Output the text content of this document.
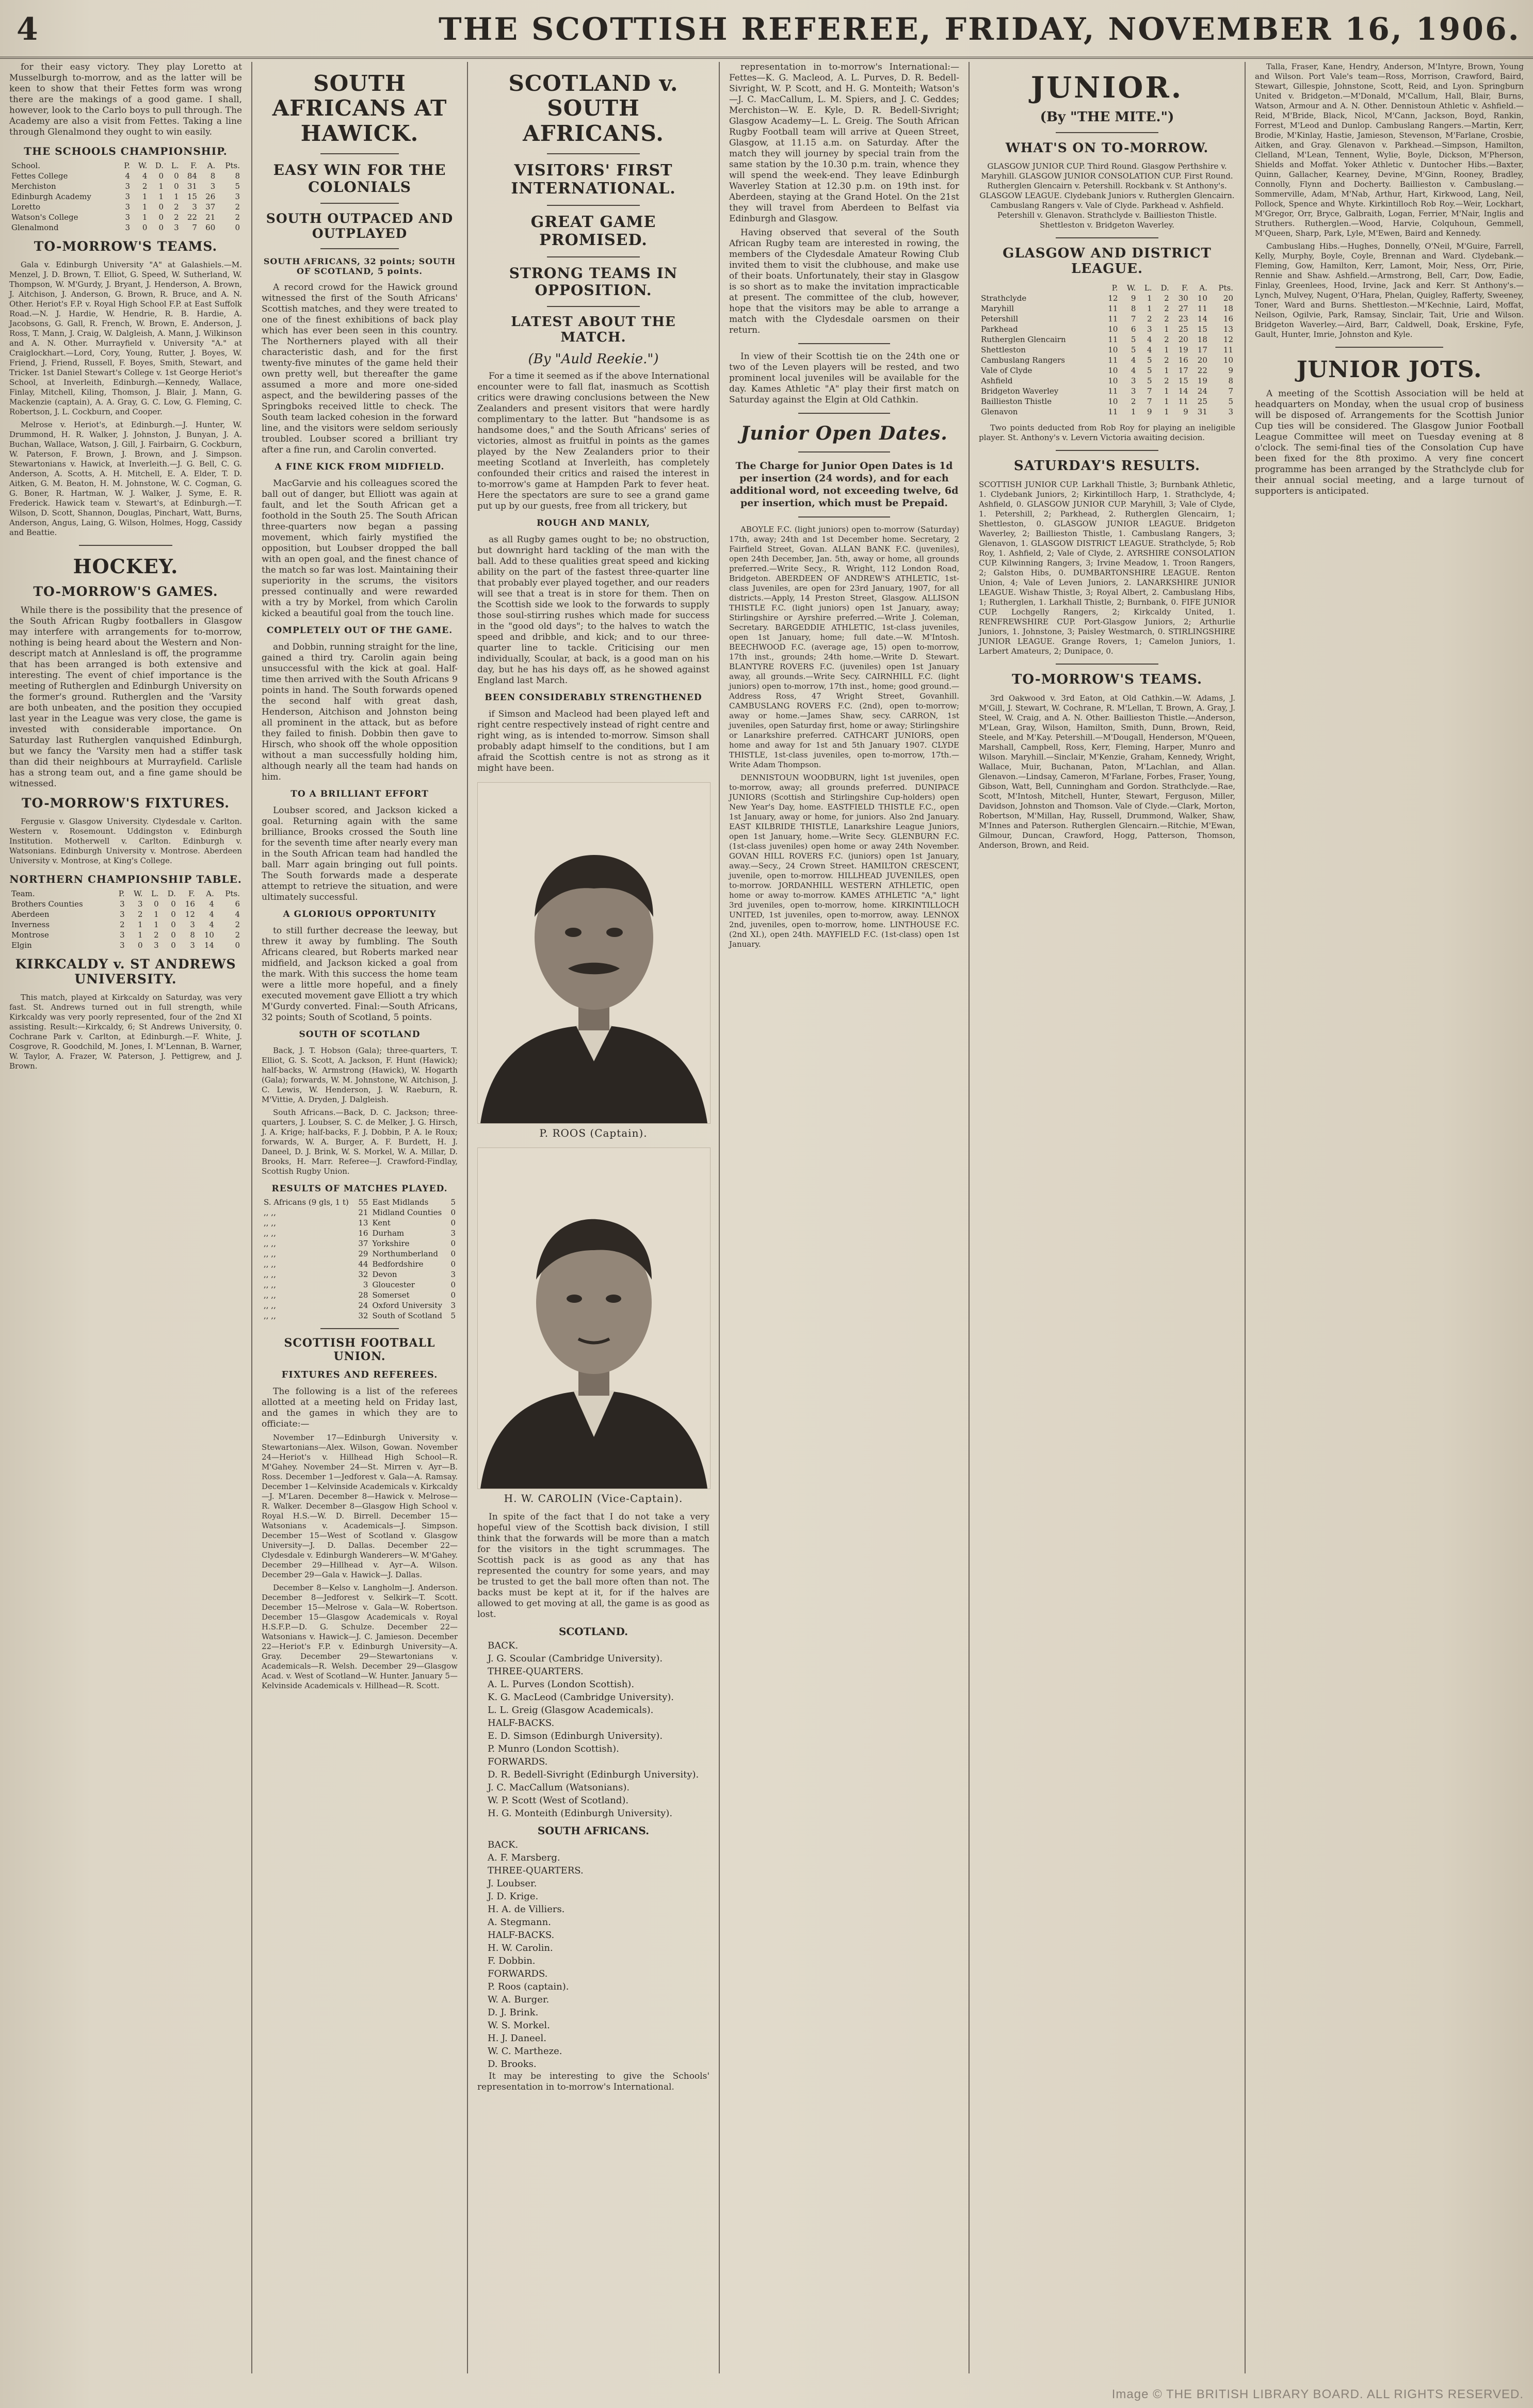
4	THE SCOTTISH REFEREE, FRIDAY, NOVEMBER 16, 1906.

for their easy victory. They play Loretto at Musselburgh to-morrow, and as the latter will be keen to show that their Fettes form was wrong there are the makings of a good game. I shall, however, look to the Carlo boys to pull through. The Academy are also a visit from Fettes. Taking a line through Glenalmond they ought to win easily.

THE SCHOOLS CHAMPIONSHIP.
School.	P.	W.	D.	L.	F.	A.	Pts.
Fettes College	4	4	0	0	84	8	8
Merchiston	3	2	1	0	31	3	5
Edinburgh Academy	3	1	1	1	15	26	3
Loretto	3	1	0	2	3	37	2
Watson's College	3	1	0	2	22	21	2
Glenalmond	3	0	0	3	7	60	0
TO-MORROW'S TEAMS.

Gala v. Edinburgh University "A" at Galashiels.—M. Menzel, J. D. Brown, T. Elliot, G. Speed, W. Sutherland, W. Thompson, W. M'Gurdy, J. Bryant, J. Henderson, A. Brown, J. Aitchison, J. Anderson, G. Brown, R. Bruce, and A. N. Other. Heriot's F.P. v. Royal High School F.P. at East Suffolk Road.—N. J. Hardie, W. Hendrie, R. B. Hardie, A. Jacobsons, G. Gall, R. French, W. Brown, E. Anderson, J. Ross, T. Mann, J. Craig, W. Dalgleish, A. Mann, J. Wilkinson and A. N. Other. Murrayfield v. University "A." at Craiglockhart.—Lord, Cory, Young, Rutter, J. Boyes, W. Friend, J. Friend, Russell, F. Boyes, Smith, Stewart, and Tricker. 1st Daniel Stewart's College v. 1st George Heriot's School, at Inverleith, Edinburgh.—Kennedy, Wallace, Finlay, Mitchell, Kiling, Thomson, J. Blair, J. Mann, G. Mackenzie (captain), A. A. Gray, G. C. Low, G. Fleming, C. Robertson, J. L. Cockburn, and Cooper.

Melrose v. Heriot's, at Edinburgh.—J. Hunter, W. Drummond, H. R. Walker, J. Johnston, J. Bunyan, J. A. Buchan, Wallace, Watson, J. Gill, J. Fairbairn, G. Cockburn, W. Paterson, F. Brown, J. Brown, and J. Simpson. Stewartonians v. Hawick, at Inverleith.—J. G. Bell, C. G. Anderson, A. Scotts, A. H. Mitchell, E. A. Elder, T. D. Aitken, G. M. Beaton, H. M. Johnstone, W. C. Cogman, G. G. Boner, R. Hartman, W. J. Walker, J. Syme, E. R. Frederick. Hawick team v. Stewart's, at Edinburgh.—T. Wilson, D. Scott, Shannon, Douglas, Pinchart, Watt, Burns, Anderson, Angus, Laing, G. Wilson, Holmes, Hogg, Cassidy and Beattie.

HOCKEY.
TO-MORROW'S GAMES.

While there is the possibility that the presence of the South African Rugby footballers in Glasgow may interfere with arrangements for to-morrow, nothing is being heard about the Western and Non-descript match at Annlesland is off, the programme that has been arranged is both extensive and interesting. The event of chief importance is the meeting of Rutherglen and Edinburgh University on the former's ground. Rutherglen and the 'Varsity are both unbeaten, and the position they occupied last year in the League was very close, the game is invested with considerable importance. On Saturday last Rutherglen vanquished Edinburgh, but we fancy the 'Varsity men had a stiffer task than did their neighbours at Murrayfield. Carlisle has a strong team out, and a fine game should be witnessed.

TO-MORROW'S FIXTURES.

Fergusie v. Glasgow University. Clydesdale v. Carlton. Western v. Rosemount. Uddingston v. Edinburgh Institution. Motherwell v. Carlton. Edinburgh v. Watsonians. Edinburgh University v. Montrose. Aberdeen University v. Montrose, at King's College.

NORTHERN CHAMPIONSHIP TABLE.
Team.	P.	W.	L.	D.	F.	A.	Pts.
Brothers Counties	3	3	0	0	16	4	6
Aberdeen	3	2	1	0	12	4	4
Inverness	2	1	1	0	3	4	2
Montrose	3	1	2	0	8	10	2
Elgin	3	0	3	0	3	14	0
KIRKCALDY v. ST ANDREWS UNIVERSITY.

This match, played at Kirkcaldy on Saturday, was very fast. St. Andrews turned out in full strength, while Kirkcaldy was very poorly represented, four of the 2nd XI assisting. Result:—Kirkcaldy, 6; St Andrews University, 0. Cochrane Park v. Carlton, at Edinburgh.—F. White, J. Cosgrove, R. Goodchild, M. Jones, I. M'Lennan, B. Warner, W. Taylor, A. Frazer, W. Paterson, J. Pettigrew, and J. Brown.

SOUTH AFRICANS AT HAWICK.
EASY WIN FOR THE COLONIALS
SOUTH OUTPACED AND OUTPLAYED
SOUTH AFRICANS, 32 points; SOUTH OF SCOTLAND, 5 points.

A record crowd for the Hawick ground witnessed the first of the South Africans' Scottish matches, and they were treated to one of the finest exhibitions of back play which has ever been seen in this country. The Northerners played with all their characteristic dash, and for the first twenty-five minutes of the game held their own pretty well, but thereafter the game assumed a more and more one-sided aspect, and the bewildering passes of the Springboks received little to check. The South team lacked cohesion in the forward line, and the visitors were seldom seriously troubled. Loubser scored a brilliant try after a fine run, and Carolin converted.

A FINE KICK FROM MIDFIELD.

MacGarvie and his colleagues scored the ball out of danger, but Elliott was again at fault, and let the South African get a foothold in the South 25. The South African three-quarters now began a passing movement, which fairly mystified the opposition, but Loubser dropped the ball with an open goal, and the finest chance of the match so far was lost. Maintaining their superiority in the scrums, the visitors pressed continually and were rewarded with a try by Morkel, from which Carolin kicked a beautiful goal from the touch line.

COMPLETELY OUT OF THE GAME.

and Dobbin, running straight for the line, gained a third try. Carolin again being unsuccessful with the kick at goal. Half-time then arrived with the South Africans 9 points in hand. The South forwards opened the second half with great dash, Henderson, Aitchison and Johnston being all prominent in the attack, but as before they failed to finish. Dobbin then gave to Hirsch, who shook off the whole opposition without a man successfully holding him, although nearly all the team had hands on him.

TO A BRILLIANT EFFORT

Loubser scored, and Jackson kicked a goal. Returning again with the same brilliance, Brooks crossed the South line for the seventh time after nearly every man in the South African team had handled the ball. Marr again bringing out full points. The South forwards made a desperate attempt to retrieve the situation, and were ultimately successful.

A GLORIOUS OPPORTUNITY

to still further decrease the leeway, but threw it away by fumbling. The South Africans cleared, but Roberts marked near midfield, and Jackson kicked a goal from the mark. With this success the home team were a little more hopeful, and a finely executed movement gave Elliott a try which M'Gurdy converted. Final:—South Africans, 32 points; South of Scotland, 5 points.

SOUTH OF SCOTLAND

Back, J. T. Hobson (Gala); three-quarters, T. Elliot, G. S. Scott, A. Jackson, F. Hunt (Hawick); half-backs, W. Armstrong (Hawick), W. Hogarth (Gala); forwards, W. M. Johnstone, W. Aitchison, J. C. Lewis, W. Henderson, J. W. Raeburn, R. M'Vittie, A. Dryden, J. Dalgleish.

South Africans.—Back, D. C. Jackson; three-quarters, J. Loubser, S. C. de Melker, J. G. Hirsch, J. A. Krige; half-backs, F. J. Dobbin, P. A. le Roux; forwards, W. A. Burger, A. F. Burdett, H. J. Daneel, D. J. Brink, W. S. Morkel, W. A. Millar, D. Brooks, H. Marr. Referee—J. Crawford-Findlay, Scottish Rugby Union.

RESULTS OF MATCHES PLAYED.
S. Africans (9 gls, 1 t)	55	East Midlands	5
,, ,,	21	Midland Counties	0
,, ,,	13	Kent	0
,, ,,	16	Durham	3
,, ,,	37	Yorkshire	0
,, ,,	29	Northumberland	0
,, ,,	44	Bedfordshire	0
,, ,,	32	Devon	3
,, ,,	3	Gloucester	0
,, ,,	28	Somerset	0
,, ,,	24	Oxford University	3
,, ,,	32	South of Scotland	5
SCOTTISH FOOTBALL UNION.
FIXTURES AND REFEREES.

The following is a list of the referees allotted at a meeting held on Friday last, and the games in which they are to officiate:—

November 17—Edinburgh University v. Stewartonians—Alex. Wilson, Gowan. November 24—Heriot's v. Hillhead High School—R. M'Gahey. November 24—St. Mirren v. Ayr—B. Ross. December 1—Jedforest v. Gala—A. Ramsay. December 1—Kelvinside Academicals v. Kirkcaldy—J. M'Laren. December 8—Hawick v. Melrose—R. Walker. December 8—Glasgow High School v. Royal H.S.—W. D. Birrell. December 15—Watsonians v. Academicals—J. Simpson. December 15—West of Scotland v. Glasgow University—J. D. Dallas. December 22—Clydesdale v. Edinburgh Wanderers—W. M'Gahey. December 29—Hillhead v. Ayr—A. Wilson. December 29—Gala v. Hawick—J. Dallas.

December 8—Kelso v. Langholm—J. Anderson. December 8—Jedforest v. Selkirk—T. Scott. December 15—Melrose v. Gala—W. Robertson. December 15—Glasgow Academicals v. Royal H.S.F.P.—D. G. Schulze. December 22—Watsonians v. Hawick—J. C. Jamieson. December 22—Heriot's F.P. v. Edinburgh University—A. Gray. December 29—Stewartonians v. Academicals—R. Welsh. December 29—Glasgow Acad. v. West of Scotland—W. Hunter. January 5—Kelvinside Academicals v. Hillhead—R. Scott.

SCOTLAND v. SOUTH AFRICANS.
VISITORS' FIRST INTERNATIONAL.
GREAT GAME PROMISED.
STRONG TEAMS IN OPPOSITION.
LATEST ABOUT THE MATCH.
(By "Auld Reekie.")

For a time it seemed as if the above International encounter were to fall flat, inasmuch as Scottish critics were drawing conclusions between the New Zealanders and present visitors that were hardly complimentary to the latter. But "handsome is as handsome does," and the South Africans' series of victories, almost as fruitful in points as the games played by the New Zealanders prior to their meeting Scotland at Inverleith, has completely confounded their critics and raised the interest in to-morrow's game at Hampden Park to fever heat. Here the spectators are sure to see a grand game put up by our guests, free from all trickery, but

ROUGH AND MANLY,

as all Rugby games ought to be; no obstruction, but downright hard tackling of the man with the ball. Add to these qualities great speed and kicking ability on the part of the fastest three-quarter line that probably ever played together, and our readers will see that a treat is in store for them. Then on the Scottish side we look to the forwards to supply those soul-stirring rushes which made for success in the "good old days"; to the halves to watch the speed and dribble, and kick; and to our three-quarter line to tackle. Criticising our men individually, Scoular, at back, is a good man on his day, but he has his days off, as he showed against England last March.

BEEN CONSIDERABLY STRENGTHENED

if Simson and Macleod had been played left and right centre respectively instead of right centre and right wing, as is intended to-morrow. Simson shall probably adapt himself to the conditions, but I am afraid the Scottish centre is not as strong as it might have been.

P. ROOS (Captain).
H. W. CAROLIN (Vice-Captain).

In spite of the fact that I do not take a very hopeful view of the Scottish back division, I still think that the forwards will be more than a match for the visitors in the tight scrummages. The Scottish pack is as good as any that has represented the country for some years, and may be trusted to get the ball more often than not. The backs must be kept at it, for if the halves are allowed to get moving at all, the game is as good as lost.

SCOTLAND.
BACK.
J. G. Scoular (Cambridge University).
THREE-QUARTERS.
A. L. Purves (London Scottish).
K. G. MacLeod (Cambridge University).
L. L. Greig (Glasgow Academicals).
HALF-BACKS.
E. D. Simson (Edinburgh University).
P. Munro (London Scottish).
FORWARDS.
D. R. Bedell-Sivright (Edinburgh University).
J. C. MacCallum (Watsonians).
W. P. Scott (West of Scotland).
H. G. Monteith (Edinburgh University).
SOUTH AFRICANS.
BACK.
A. F. Marsberg.
THREE-QUARTERS.
J. Loubser.
J. D. Krige.
H. A. de Villiers.
A. Stegmann.
HALF-BACKS.
H. W. Carolin.
F. Dobbin.
FORWARDS.
P. Roos (captain).
W. A. Burger.
D. J. Brink.
W. S. Morkel.
H. J. Daneel.
W. C. Martheze.
D. Brooks.

It may be interesting to give the Schools' representation in to-morrow's International.

representation in to-morrow's International:—Fettes—K. G. Macleod, A. L. Purves, D. R. Bedell-Sivright, W. P. Scott, and H. G. Monteith; Watson's—J. C. MacCallum, L. M. Spiers, and J. C. Geddes; Merchiston—W. E. Kyle, D. R. Bedell-Sivright; Glasgow Academy—L. L. Greig. The South African Rugby Football team will arrive at Queen Street, Glasgow, at 11.15 a.m. on Saturday. After the match they will journey by special train from the same station by the 10.30 p.m. train, whence they will spend the week-end. They leave Edinburgh Waverley Station at 12.30 p.m. on 19th inst. for Aberdeen, staying at the Grand Hotel. On the 21st they will travel from Aberdeen to Belfast via Edinburgh and Glasgow.

Having observed that several of the South African Rugby team are interested in rowing, the members of the Clydesdale Amateur Rowing Club invited them to visit the clubhouse, and make use of their boats. Unfortunately, their stay in Glasgow is so short as to make the invitation impracticable at present. The committee of the club, however, hope that the visitors may be able to arrange a match with the Clydesdale oarsmen on their return.

In view of their Scottish tie on the 24th one or two of the Leven players will be rested, and two prominent local juveniles will be available for the day. Kames Athletic "A" play their first match on Saturday against the Elgin at Old Cathkin.

Junior Open Dates.

The Charge for Junior Open Dates is 1d per insertion (24 words), and for each additional word, not exceeding twelve, 6d per insertion, which must be Prepaid.

ABOYLE F.C. (light juniors) open to-morrow (Saturday) 17th, away; 24th and 1st December home. Secretary, 2 Fairfield Street, Govan. ALLAN BANK F.C. (juveniles), open 24th December, Jan. 5th, away or home, all grounds preferred.—Write Secy., R. Wright, 112 London Road, Bridgeton. ABERDEEN OF ANDREW'S ATHLETIC, 1st-class Juveniles, are open for 23rd January, 1907, for all districts.—Apply, 14 Preston Street, Glasgow. ALLISON THISTLE F.C. (light juniors) open 1st January, away; Stirlingshire or Ayrshire preferred.—Write J. Coleman, Secretary. BARGEDDIE ATHLETIC, 1st-class juveniles, open 1st January, home; full date.—W. M'Intosh. BEECHWOOD F.C. (average age, 15) open to-morrow, 17th inst., grounds; 24th home.—Write D. Stewart. BLANTYRE ROVERS F.C. (juveniles) open 1st January away, all grounds.—Write Secy. CAIRNHILL F.C. (light juniors) open to-morrow, 17th inst., home; good ground.—Address Ross, 47 Wright Street, Govanhill. CAMBUSLANG ROVERS F.C. (2nd), open to-morrow; away or home.—James Shaw, secy. CARRON, 1st juveniles, open Saturday first, home or away; Stirlingshire or Lanarkshire preferred. CATHCART JUNIORS, open home and away for 1st and 5th January 1907. CLYDE THISTLE, 1st-class juveniles, open to-morrow, 17th.—Write Adam Thompson.

DENNISTOUN WOODBURN, light 1st juveniles, open to-morrow, away; all grounds preferred. DUNIPACE JUNIORS (Scottish and Stirlingshire Cup-holders) open New Year's Day, home. EASTFIELD THISTLE F.C., open 1st January, away or home, for juniors. Also 2nd January. EAST KILBRIDE THISTLE, Lanarkshire League Juniors, open 1st January, home.—Write Secy. GLENBURN F.C. (1st-class juveniles) open home or away 24th November. GOVAN HILL ROVERS F.C. (juniors) open 1st January, away.—Secy., 24 Crown Street. HAMILTON CRESCENT, juvenile, open to-morrow. HILLHEAD JUVENILES, open to-morrow. JORDANHILL WESTERN ATHLETIC, open home or away to-morrow. KAMES ATHLETIC "A," light 3rd juveniles, open to-morrow, home. KIRKINTILLOCH UNITED, 1st juveniles, open to-morrow, away. LENNOX 2nd, juveniles, open to-morrow, home. LINTHOUSE F.C. (2nd XI.), open 24th. MAYFIELD F.C. (1st-class) open 1st January.

JUNIOR.
(By "THE MITE.")
WHAT'S ON TO-MORROW.

GLASGOW JUNIOR CUP. Third Round. Glasgow Perthshire v. Maryhill. GLASGOW JUNIOR CONSOLATION CUP. First Round. Rutherglen Glencairn v. Petershill. Rockbank v. St Anthony's. GLASGOW LEAGUE. Clydebank Juniors v. Rutherglen Glencairn. Cambuslang Rangers v. Vale of Clyde. Parkhead v. Ashfield. Petershill v. Glenavon. Strathclyde v. Baillieston Thistle. Shettleston v. Bridgeton Waverley.

GLASGOW AND DISTRICT LEAGUE.
	P.	W.	L.	D.	F.	A.	Pts.
Strathclyde	12	9	1	2	30	10	20
Maryhill	11	8	1	2	27	11	18
Petershill	11	7	2	2	23	14	16
Parkhead	10	6	3	1	25	15	13
Rutherglen Glencairn	11	5	4	2	20	18	12
Shettleston	10	5	4	1	19	17	11
Cambuslang Rangers	11	4	5	2	16	20	10
Vale of Clyde	10	4	5	1	17	22	9
Ashfield	10	3	5	2	15	19	8
Bridgeton Waverley	11	3	7	1	14	24	7
Baillieston Thistle	10	2	7	1	11	25	5
Glenavon	11	1	9	1	9	31	3

Two points deducted from Rob Roy for playing an ineligible player. St. Anthony's v. Levern Victoria awaiting decision.

SATURDAY'S RESULTS.

SCOTTISH JUNIOR CUP. Larkhall Thistle, 3; Burnbank Athletic, 1. Clydebank Juniors, 2; Kirkintilloch Harp, 1. Strathclyde, 4; Ashfield, 0. GLASGOW JUNIOR CUP. Maryhill, 3; Vale of Clyde, 1. Petershill, 2; Parkhead, 2. Rutherglen Glencairn, 1; Shettleston, 0. GLASGOW JUNIOR LEAGUE. Bridgeton Waverley, 2; Baillieston Thistle, 1. Cambuslang Rangers, 3; Glenavon, 1. GLASGOW DISTRICT LEAGUE. Strathclyde, 5; Rob Roy, 1. Ashfield, 2; Vale of Clyde, 2. AYRSHIRE CONSOLATION CUP. Kilwinning Rangers, 3; Irvine Meadow, 1. Troon Rangers, 2; Galston Hibs, 0. DUMBARTONSHIRE LEAGUE. Renton Union, 4; Vale of Leven Juniors, 2. LANARKSHIRE JUNIOR LEAGUE. Wishaw Thistle, 3; Royal Albert, 2. Cambuslang Hibs, 1; Rutherglen, 1. Larkhall Thistle, 2; Burnbank, 0. FIFE JUNIOR CUP. Lochgelly Rangers, 2; Kirkcaldy United, 1. RENFREWSHIRE CUP. Port-Glasgow Juniors, 2; Arthurlie Juniors, 1. Johnstone, 3; Paisley Westmarch, 0. STIRLINGSHIRE JUNIOR LEAGUE. Grange Rovers, 1; Camelon Juniors, 1. Larbert Amateurs, 2; Dunipace, 0.

TO-MORROW'S TEAMS.

3rd Oakwood v. 3rd Eaton, at Old Cathkin.—W. Adams, J. M'Gill, J. Stewart, W. Cochrane, R. M'Lellan, T. Brown, A. Gray, J. Steel, W. Craig, and A. N. Other. Baillieston Thistle.—Anderson, M'Lean, Gray, Wilson, Hamilton, Smith, Dunn, Brown, Reid, Steele, and M'Kay. Petershill.—M'Dougall, Henderson, M'Queen, Marshall, Campbell, Ross, Kerr, Fleming, Harper, Munro and Wilson. Maryhill.—Sinclair, M'Kenzie, Graham, Kennedy, Wright, Wallace, Muir, Buchanan, Paton, M'Lachlan, and Allan. Glenavon.—Lindsay, Cameron, M'Farlane, Forbes, Fraser, Young, Gibson, Watt, Bell, Cunningham and Gordon. Strathclyde.—Rae, Scott, M'Intosh, Mitchell, Hunter, Stewart, Ferguson, Miller, Davidson, Johnston and Thomson. Vale of Clyde.—Clark, Morton, Robertson, M'Millan, Hay, Russell, Drummond, Walker, Shaw, M'Innes and Paterson. Rutherglen Glencairn.—Ritchie, M'Ewan, Gilmour, Duncan, Crawford, Hogg, Patterson, Thomson, Anderson, Brown, and Reid.

Talla, Fraser, Kane, Hendry, Anderson, M'Intyre, Brown, Young and Wilson. Port Vale's team—Ross, Morrison, Crawford, Baird, Stewart, Gillespie, Johnstone, Scott, Reid, and Lyon. Springburn United v. Bridgeton.—M'Donald, M'Callum, Hall, Blair, Burns, Watson, Armour and A. N. Other. Dennistoun Athletic v. Ashfield.—Reid, M'Bride, Black, Nicol, M'Cann, Jackson, Boyd, Rankin, Forrest, M'Leod and Dunlop. Cambuslang Rangers.—Martin, Kerr, Brodie, M'Kinlay, Hastie, Jamieson, Stevenson, M'Farlane, Crosbie, Aitken, and Gray. Glenavon v. Parkhead.—Simpson, Hamilton, Clelland, M'Lean, Tennent, Wylie, Boyle, Dickson, M'Pherson, Shields and Moffat. Yoker Athletic v. Duntocher Hibs.—Baxter, Quinn, Gallacher, Kearney, Devine, M'Ginn, Rooney, Bradley, Connolly, Flynn and Docherty. Baillieston v. Cambuslang.—Sommerville, Adam, M'Nab, Arthur, Hart, Kirkwood, Lang, Neil, Pollock, Spence and Whyte. Kirkintilloch Rob Roy.—Weir, Lockhart, M'Gregor, Orr, Bryce, Galbraith, Logan, Ferrier, M'Nair, Inglis and Struthers. Rutherglen.—Wood, Harvie, Colquhoun, Gemmell, M'Queen, Sharp, Park, Lyle, M'Ewen, Baird and Kennedy.

Cambuslang Hibs.—Hughes, Donnelly, O'Neil, M'Guire, Farrell, Kelly, Murphy, Boyle, Coyle, Brennan and Ward. Clydebank.—Fleming, Gow, Hamilton, Kerr, Lamont, Moir, Ness, Orr, Pirie, Rennie and Shaw. Ashfield.—Armstrong, Bell, Carr, Dow, Eadie, Finlay, Greenlees, Hood, Irvine, Jack and Kerr. St Anthony's.—Lynch, Mulvey, Nugent, O'Hara, Phelan, Quigley, Rafferty, Sweeney, Toner, Ward and Burns. Shettleston.—M'Kechnie, Laird, Moffat, Neilson, Ogilvie, Park, Ramsay, Sinclair, Tait, Urie and Wilson. Bridgeton Waverley.—Aird, Barr, Caldwell, Doak, Erskine, Fyfe, Gault, Hunter, Imrie, Johnston and Kyle.

JUNIOR JOTS.

A meeting of the Scottish Association will be held at headquarters on Monday, when the usual crop of business will be disposed of. Arrangements for the Scottish Junior Cup ties will be considered. The Glasgow Junior Football League Committee will meet on Tuesday evening at 8 o'clock. The semi-final ties of the Consolation Cup have been fixed for the 8th proximo. A very fine concert programme has been arranged by the Strathclyde club for their annual social meeting, and a large turnout of supporters is anticipated.

Image © THE BRITISH LIBRARY BOARD. ALL RIGHTS RESERVED.
